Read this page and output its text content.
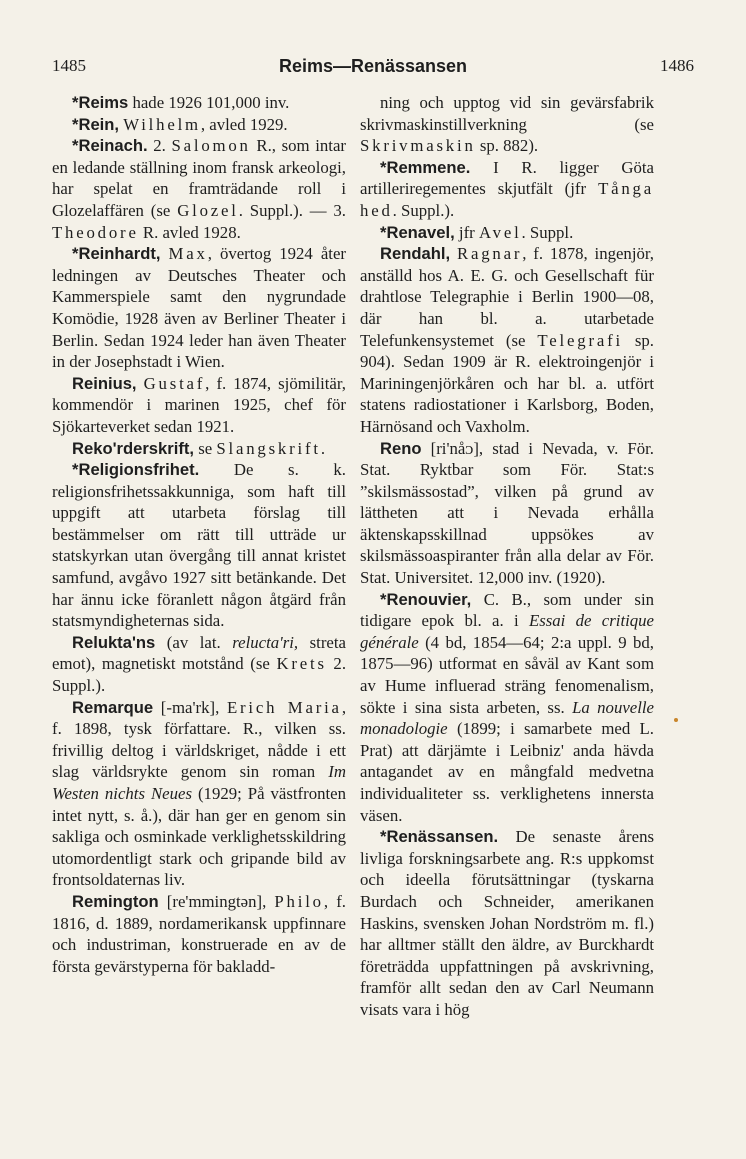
1485	Reims—Renässansen	1486

*Reims hade 1926 101,000 inv.

*Rein, Wilhelm, avled 1929.

*Reinach. 2. Salomon R., som intar en ledande ställning inom fransk arkeologi, har spelat en framträdande roll i Glozelaffären (se Glozel. Suppl.). — 3. Theodore R. avled 1928.

*Reinhardt, Max, övertog 1924 åter ledningen av Deutsches Theater och Kammerspiele samt den nygrundade Komödie, 1928 även av Berliner Theater i Berlin. Sedan 1924 leder han även Theater in der Josephstadt i Wien.

Reinius, Gustaf, f. 1874, sjömilitär, kommendör i marinen 1925, chef för Sjökarteverket sedan 1921.

Reko'rderskrift, se Slangskrift.

*Religionsfrihet. De s. k. religionsfrihetssakkunniga, som haft till uppgift att utarbeta förslag till bestämmelser om rätt till utträde ur statskyrkan utan övergång till annat kristet samfund, avgåvo 1927 sitt betänkande. Det har ännu icke föranlett någon åtgärd från statsmyndigheternas sida.

Relukta'ns (av lat. relucta'ri, streta emot), magnetiskt motstånd (se Krets 2. Suppl.).

Remarque [-ma'rk], Erich Maria, f. 1898, tysk författare. R., vilken ss. frivillig deltog i världskriget, nådde i ett slag världsrykte genom sin roman Im Westen nichts Neues (1929; På västfronten intet nytt, s. å.), där han ger en genom sin sakliga och osminkade verklighetsskildring utomordentligt stark och gripande bild av frontsoldaternas liv.

Remington [re'mmingtən], Philo, f. 1816, d. 1889, nordamerikansk uppfinnare och industriman, konstruerade en av de första gevärstyperna för bakladd-

ning och upptog vid sin gevärsfabrik skrivmaskinstillverkning (se Skrivmaskin sp. 882).

*Remmene. I R. ligger Göta artilleriregementes skjutfält (jfr Tånga hed. Suppl.).

*Renavel, jfr Avel. Suppl.

Rendahl, Ragnar, f. 1878, ingenjör, anställd hos A. E. G. och Gesellschaft für drahtlose Telegraphie i Berlin 1900—08, där han bl. a. utarbetade Telefunkensystemet (se Telegrafi sp. 904). Sedan 1909 är R. elektroingenjör i Mariningenjörkåren och har bl. a. utfört statens radiostationer i Karlsborg, Boden, Härnösand och Vaxholm.

Reno [ri'nåᴐ], stad i Nevada, v. För. Stat. Ryktbar som För. Stat:s ”skilsmässostad”, vilken på grund av lättheten att i Nevada erhålla äktenskapsskillnad uppsökes av skilsmässoaspiranter från alla delar av För. Stat. Universitet. 12,000 inv. (1920).

*Renouvier, C. B., som under sin tidigare epok bl. a. i Essai de critique générale (4 bd, 1854—64; 2:a uppl. 9 bd, 1875—96) utformat en såväl av Kant som av Hume influerad sträng fenomenalism, sökte i sina sista arbeten, ss. La nouvelle monadologie (1899; i samarbete med L. Prat) att därjämte i Leibniz' anda hävda antagandet av en mångfald medvetna individualiteter ss. verklighetens innersta väsen.

*Renässansen. De senaste årens livliga forskningsarbete ang. R:s uppkomst och ideella förutsättningar (tyskarna Burdach och Schneider, amerikanen Haskins, svensken Johan Nordström m. fl.) har alltmer ställt den äldre, av Burckhardt företrädda uppfattningen på avskrivning, framför allt sedan den av Carl Neumann visats vara i hög
